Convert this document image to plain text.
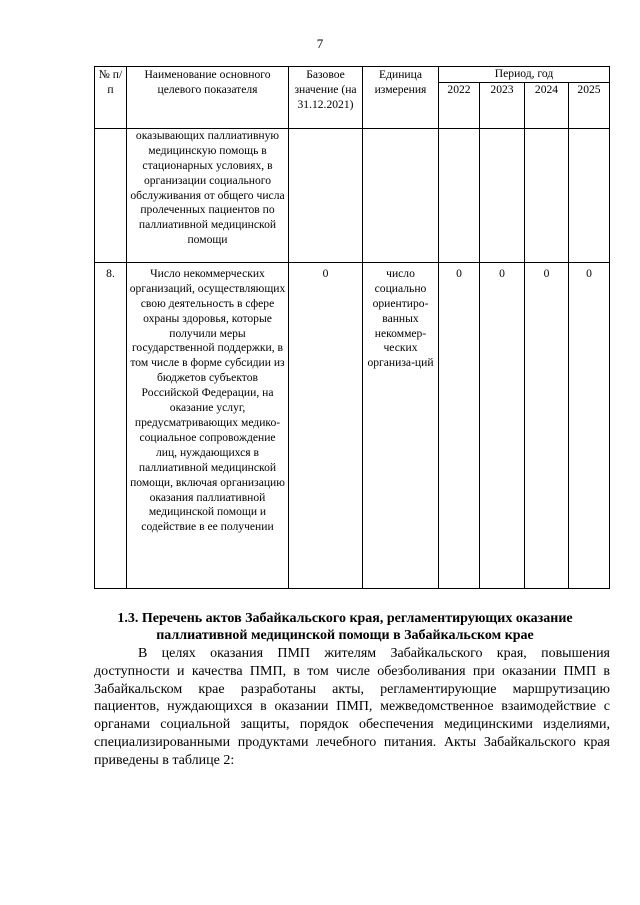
7
№ п/п	Наименование основного целевого показателя	Базовое значение (на 31.12.2021)	Единица измерения	Период, год			
				2022	2023	2024	2025
	оказывающих паллиативную медицинскую помощь в стационарных условиях, в организации социального обслуживания от общего числа пролеченных пациентов по паллиативной медицинской помощи						
8.	Число некоммерческих организаций, осуществляющих свою деятельность в сфере охраны здоровья, которые получили меры государственной поддержки, в том числе в форме субсидии из бюджетов субъектов Российской Федерации, на оказание услуг, предусматривающих медико-социальное сопровождение лиц, нуждающихся в паллиативной медицинской помощи, включая организацию оказания паллиативной медицинской помощи и содействие в ее получении	0	число социально ориентиро-ванных некоммер-ческих организа-ций	0	0	0	0
1.3. Перечень актов Забайкальского края, регламентирующих оказание паллиативной медицинской помощи в Забайкальском крае

В целях оказания ПМП жителям Забайкальского края, повышения доступности и качества ПМП, в том числе обезболивания при оказании ПМП в Забайкальском крае разработаны акты, регламентирующие маршрутизацию пациентов, нуждающихся в оказании ПМП, межведомственное взаимодействие с органами социальной защиты, порядок обеспечения медицинскими изделиями, специализированными продуктами лечебного питания. Акты Забайкальского края приведены в таблице 2:
